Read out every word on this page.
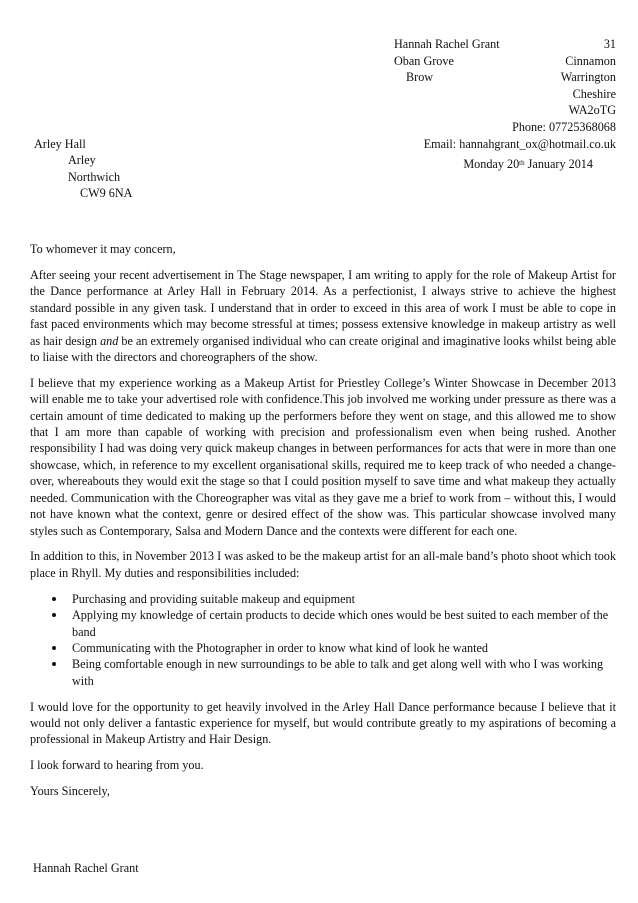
Hannah Rachel Grant	31
Oban Grove	Cinnamon
Brow	Warrington
Cheshire
WA2oTG
Phone: 07725368068
Email: hannahgrant_ox@hotmail.co.uk
Arley Hall
Arley
Northwich
CW9 6NA
Monday 20th January 2014

To whomever it may concern,

After seeing your recent advertisement in The Stage newspaper, I am writing to apply for the role of Makeup Artist for the Dance performance at Arley Hall in February 2014. As a perfectionist, I always strive to achieve the highest standard possible in any given task. I understand that in order to exceed in this area of work I must be able to cope in fast paced environments which may become stressful at times; possess extensive knowledge in makeup artistry as well as hair design and be an extremely organised individual who can create original and imaginative looks whilst being able to liaise with the directors and choreographers of the show.

I believe that my experience working as a Makeup Artist for Priestley College’s Winter Showcase in December 2013 will enable me to take your advertised role with confidence.This job involved me working under pressure as there was a certain amount of time dedicated to making up the performers before they went on stage, and this allowed me to show that I am more than capable of working with precision and professionalism even when being rushed. Another responsibility I had was doing very quick makeup changes in between performances for acts that were in more than one showcase, which, in reference to my excellent organisational skills, required me to keep track of who needed a change-over, whereabouts they would exit the stage so that I could position myself to save time and what makeup they actually needed. Communication with the Choreographer was vital as they gave me a brief to work from – without this, I would not have known what the context, genre or desired effect of the show was. This particular showcase involved many styles such as Contemporary, Salsa and Modern Dance and the contexts were different for each one.

In addition to this, in November 2013 I was asked to be the makeup artist for an all-male band’s photo shoot which took place in Rhyll. My duties and responsibilities included:

Purchasing and providing suitable makeup and equipment
Applying my knowledge of certain products to decide which ones would be best suited to each member of the band
Communicating with the Photographer in order to know what kind of look he wanted
Being comfortable enough in new surroundings to be able to talk and get along well with who I was working with

I would love for the opportunity to get heavily involved in the Arley Hall Dance performance because I believe that it would not only deliver a fantastic experience for myself, but would contribute greatly to my aspirations of becoming a professional in Makeup Artistry and Hair Design.

I look forward to hearing from you.

Yours Sincerely,

Hannah Rachel Grant
